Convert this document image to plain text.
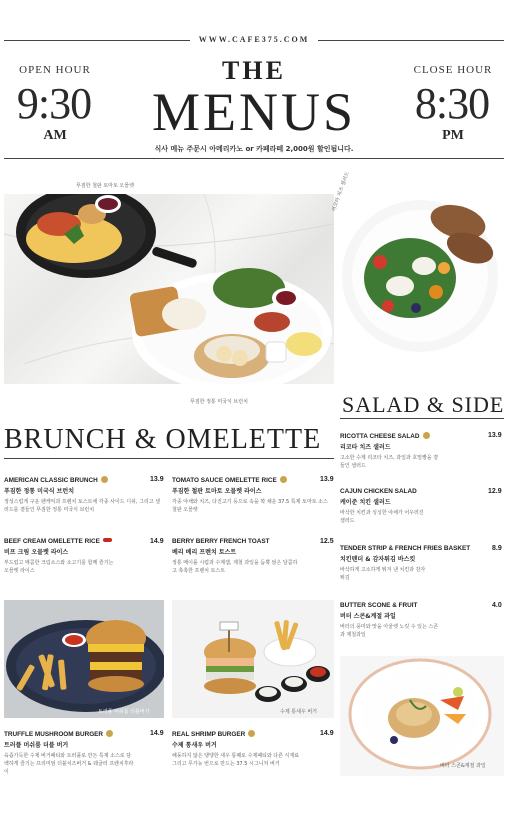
WWW.CAFE375.COM
OPEN HOUR
9:30
AM
CLOSE HOUR
8:30
PM
THE
MENUS
식사 메뉴 주문시 아메리카노 or 카페라떼 2,000원 할인됩니다.
푸짐한 철판 토마토 오믈렛
푸짐한 정통 미국식 브런치
리코타 치즈 샐러드
SALAD & SIDE
BRUNCH & OMELETTE
AMERICAN CLASSIC BRUNCH
푸짐한 정통 미국식 브런치
정성스럽게 구운 팬케익과 프렌치 토스트에 각종 사이드 디쉬, 그리고 샐러드를 곁들인 푸짐한 정통 미국식 브런치
13.9 TOMATO SAUCE OMELETTE RICE
푸짐한 철판 토마토 오믈렛 라이스
각종 야채와 치즈, 다진고기 등으로 속을 꽉 채운 37.5 특제 토마토 소스 철판 오믈렛
13.9
BEEF CREAM OMELETTE RICE
비프 크림 오믈렛 라이스
부드럽고 매콤한 크림소스와 소고기를 함께 즐기는 오믈렛 라이스
14.9 BERRY BERRY FRENCH TOAST
베리 베리 프렌치 토스트
정통 메이플 시럽과 수제잼, 제철 과일을 듬뿍 얹은 달콤하고 촉촉한 프렌치 토스트
12.5
RICOTTA CHEESE SALAD
리코타 치즈 샐러드
고소한 수제 리코타 치즈, 과일과 호밀빵을 곁들인 샐러드
13.9
CAJUN CHICKEN SALAD
케이준 치킨 샐러드
바삭한 치킨과 싱싱한 야채가 어우러진 샐러드
12.9
TENDER STRIP & FRENCH FRIES BASKET
치킨텐더 & 감자튀김 바스킷
바삭하게 고소하게 튀겨 낸 치킨과 감자 튀김
8.9
BUTTER SCONE & FRUIT
버터 스콘&계절 과일
버터의 풍미와 맛을 아울렛 노릿 수 있는 스콘과 제철과일
4.0
트러플 머쉬룸 더블버거	수제 통새우 버거
버터 스콘&계절 과일
TRUFFLE MUSHROOM BURGER
트러플 머쉬룸 더블 버거
육즙가득한 수제 버거패티와 트러플로 만든 특제 소스로 담백하게 즐기는 프리미엄 더블치즈버거 & 웨굴러 프렌치후라이
14.9 REAL SHRIMP BURGER
수제 통새우 버거
해동하지 않은 탱탱한 새우 통째로 수제패티와 다른 식재료 그리고 무가능 번으로 만드는 37.5 시그니처 버거
14.9
